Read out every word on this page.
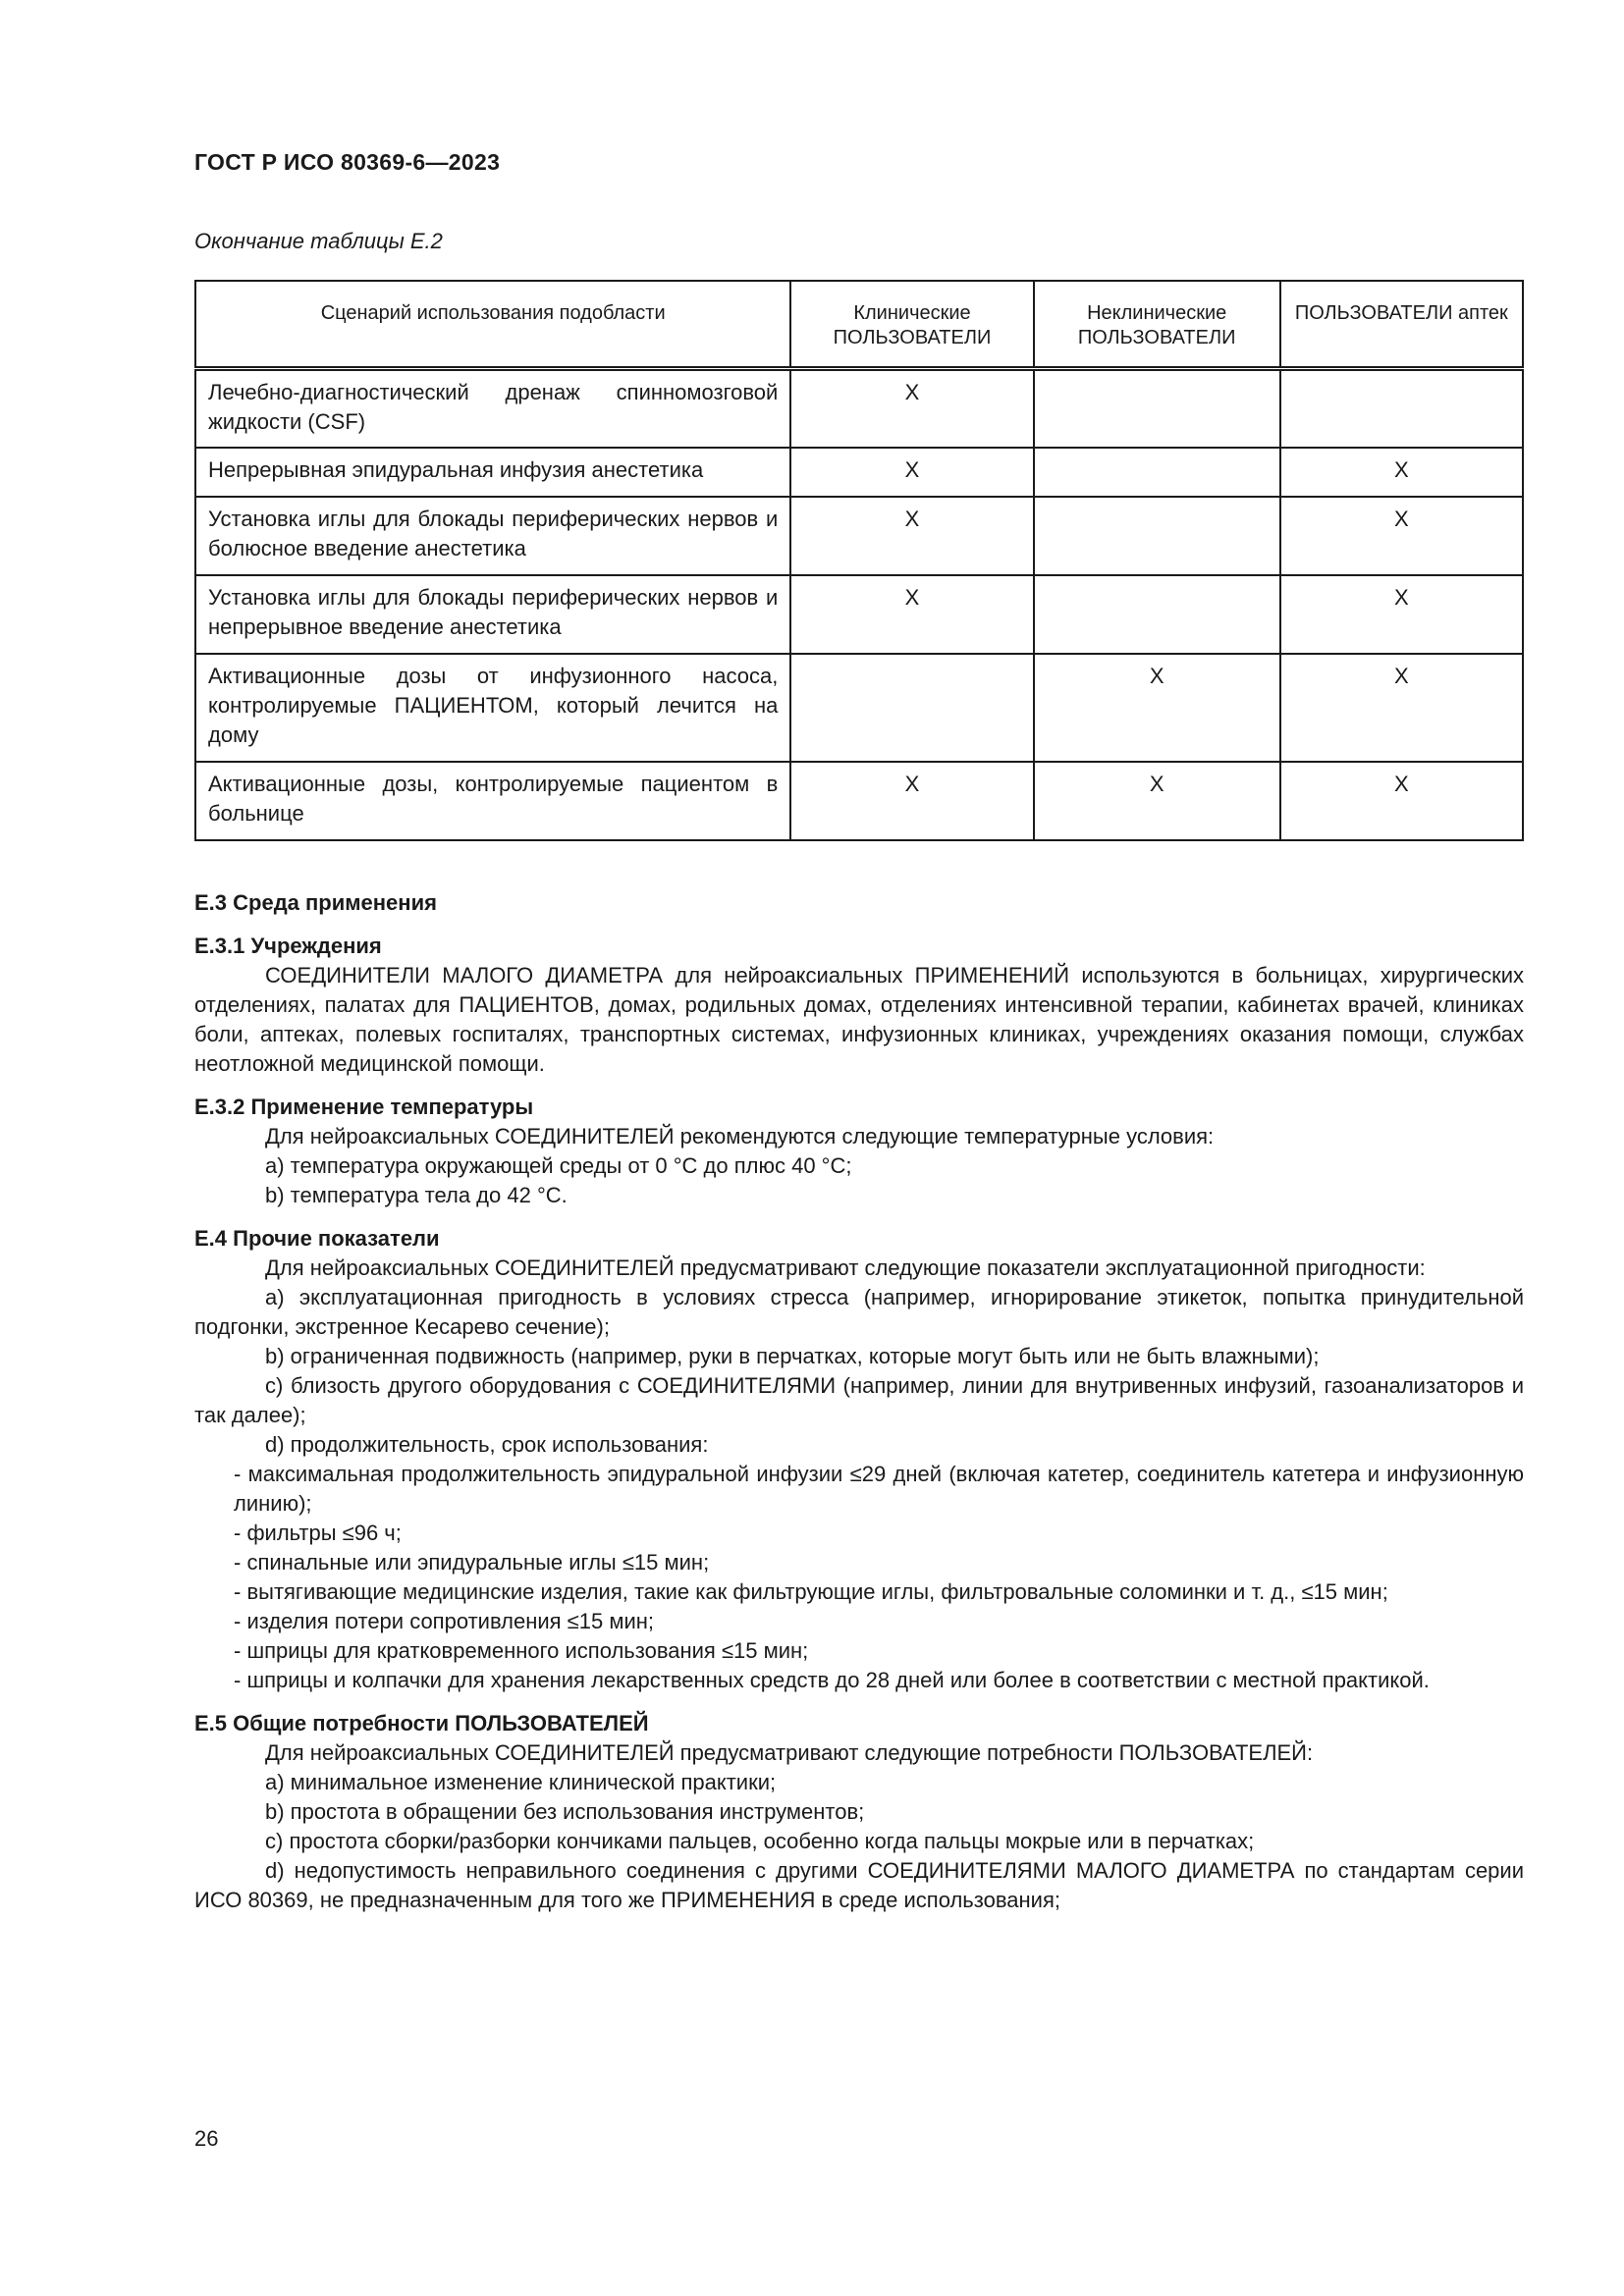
ГОСТ Р ИСО 80369-6—2023
Окончание таблицы Е.2
Сценарий использования подобласти	Клинические ПОЛЬЗОВАТЕЛИ	Неклинические ПОЛЬЗОВАТЕЛИ	ПОЛЬЗОВАТЕЛИ аптек
Лечебно-диагностический дренаж спинномозговой жидкости (CSF)	X		
Непрерывная эпидуральная инфузия анестетика	X		X
Установка иглы для блокады периферических нервов и болюсное введение анестетика	X		X
Установка иглы для блокады периферических нервов и непрерывное введение анестетика	X		X
Активационные дозы от инфузионного насоса, контролируемые ПАЦИЕНТОМ, который лечится на дому		X	X
Активационные дозы, контролируемые пациентом в больнице	X	X	X

Е.3 Среда применения

Е.3.1 Учреждения

СОЕДИНИТЕЛИ МАЛОГО ДИАМЕТРА для нейроаксиальных ПРИМЕНЕНИЙ используются в больницах, хирургических отделениях, палатах для ПАЦИЕНТОВ, домах, родильных домах, отделениях интенсивной терапии, кабинетах врачей, клиниках боли, аптеках, полевых госпиталях, транспортных системах, инфузионных клиниках, учреждениях оказания помощи, службах неотложной медицинской помощи.

Е.3.2 Применение температуры

Для нейроаксиальных СОЕДИНИТЕЛЕЙ рекомендуются следующие температурные условия:

а) температура окружающей среды от 0 °С до плюс 40 °С;

b) температура тела до 42 °С.

Е.4 Прочие показатели

Для нейроаксиальных СОЕДИНИТЕЛЕЙ предусматривают следующие показатели эксплуатационной пригодности:

а) эксплуатационная пригодность в условиях стресса (например, игнорирование этикеток, попытка принудительной подгонки, экстренное Кесарево сечение);

b) ограниченная подвижность (например, руки в перчатках, которые могут быть или не быть влажными);

с) близость другого оборудования с СОЕДИНИТЕЛЯМИ (например, линии для внутривенных инфузий, газоанализаторов и так далее);

d) продолжительность, срок использования:

- максимальная продолжительность эпидуральной инфузии ≤29 дней (включая катетер, соединитель катетера и инфузионную линию);

- фильтры ≤96 ч;

- спинальные или эпидуральные иглы ≤15 мин;

- вытягивающие медицинские изделия, такие как фильтрующие иглы, фильтровальные соломинки и т. д., ≤15 мин;

- изделия потери сопротивления ≤15 мин;

- шприцы для кратковременного использования ≤15 мин;

- шприцы и колпачки для хранения лекарственных средств до 28 дней или более в соответствии с местной практикой.

Е.5 Общие потребности ПОЛЬЗОВАТЕЛЕЙ

Для нейроаксиальных СОЕДИНИТЕЛЕЙ предусматривают следующие потребности ПОЛЬЗОВАТЕЛЕЙ:

а) минимальное изменение клинической практики;

b) простота в обращении без использования инструментов;

с) простота сборки/разборки кончиками пальцев, особенно когда пальцы мокрые или в перчатках;

d) недопустимость неправильного соединения с другими СОЕДИНИТЕЛЯМИ МАЛОГО ДИАМЕТРА по стандартам серии ИСО 80369, не предназначенным для того же ПРИМЕНЕНИЯ в среде использования;

26
